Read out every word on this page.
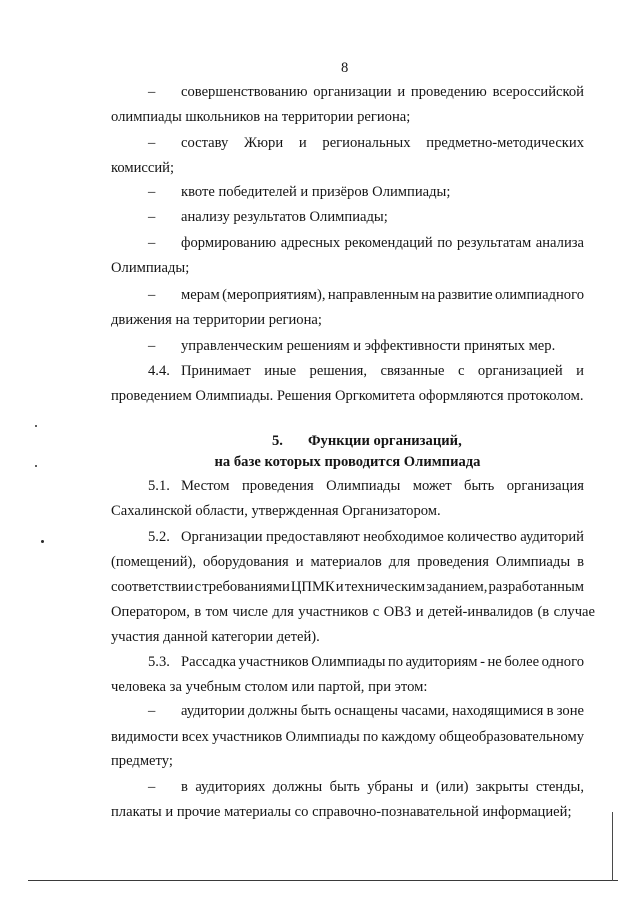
8
– совершенствованию организации и проведению всероссийской
олимпиады школьников на территории региона;
– составу Жюри и региональных предметно-методических
комиссий;
– квоте победителей и призёров Олимпиады;
– анализу результатов Олимпиады;
– формированию адресных рекомендаций по результатам анализа
Олимпиады;
– мерам (мероприятиям), направленным на развитие олимпиадного
движения на территории региона;
– управленческим решениям и эффективности принятых мер.
4.4. Принимает иные решения, связанные с организацией и
проведением Олимпиады. Решения Оргкомитета оформляются протоколом.
5. Функции организаций,
на базе которых проводится Олимпиада
5.1. Местом проведения Олимпиады может быть организация
Сахалинской области, утвержденная Организатором.
5.2. Организации предоставляют необходимое количество аудиторий
(помещений), оборудования и материалов для проведения Олимпиады в
соответствии с требованиями ЦПМК и техническим заданием, разработанным
Оператором, в том числе для участников с ОВЗ и детей-инвалидов (в случае
участия данной категории детей).
5.3. Рассадка участников Олимпиады по аудиториям - не более одного
человека за учебным столом или партой, при этом:
– аудитории должны быть оснащены часами, находящимися в зоне
видимости всех участников Олимпиады по каждому общеобразовательному
предмету;
– в аудиториях должны быть убраны и (или) закрыты стенды,
плакаты и прочие материалы со справочно-познавательной информацией;
